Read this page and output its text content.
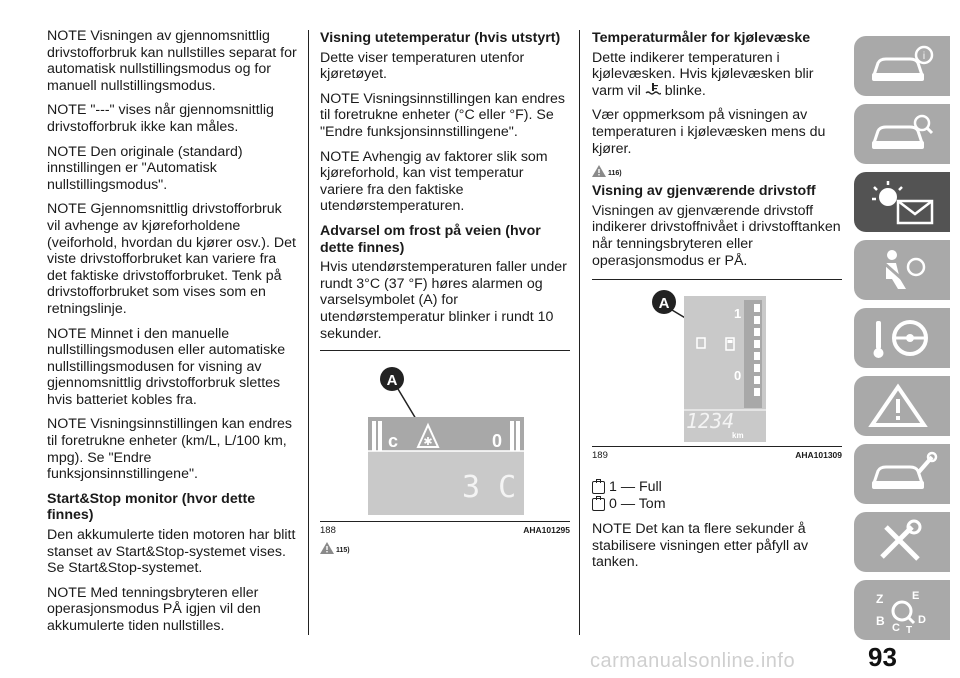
NOTE Visningen av gjennomsnittlig drivstofforbruk kan nullstilles separat for automatisk nullstillingsmodus og for manuell nullstillingsmodus.

NOTE "---" vises når gjennomsnittlig drivstofforbruk ikke kan måles.

NOTE Den originale (standard) innstillingen er "Automatisk nullstillingsmodus".

NOTE Gjennomsnittlig drivstofforbruk vil avhenge av kjøreforholdene (veiforhold, hvordan du kjører osv.). Det viste drivstofforbruket kan variere fra det faktiske drivstofforbruket. Tenk på drivstofforbruket som vises som en retningslinje.

NOTE Minnet i den manuelle nullstillingsmodusen eller automatiske nullstillingsmodusen for visning av gjennomsnittlig drivstofforbruk slettes hvis batteriet kobles fra.

NOTE Visningsinnstillingen kan endres til foretrukne enheter (km/L, L/100 km, mpg). Se "Endre funksjonsinnstillingene".

Start&Stop monitor (hvor dette finnes)

Den akkumulerte tiden motoren har blitt stanset av Start&Stop-systemet vises. Se Start&Stop-systemet.

NOTE Med tenningsbryteren eller operasjonsmodus PÅ igjen vil den akkumulerte tiden nullstilles.

Visning utetemperatur (hvis utstyrt)

Dette viser temperaturen utenfor kjøretøyet.

NOTE Visningsinnstillingen kan endres til foretrukne enheter (°C eller °F). Se "Endre funksjonsinnstillingene".

NOTE Avhengig av faktorer slik som kjøreforhold, kan vist temperatur variere fra den faktiske utendørstemperaturen.

Advarsel om frost på veien (hvor dette finnes)

Hvis utendørstemperaturen faller under rundt 3°C (37 °F) høres alarmen og varselsymbolet (A) for utendørstemperatur blinker i rundt 10 sekunder.

A
c	0
✱
3 C
188	AHA101295
115)
Temperaturmåler for kjølevæske

Dette indikerer temperaturen i kjølevæsken. Hvis kjølevæsken blir varm vil blinke.

Vær oppmerksom på visningen av temperaturen i kjølevæsken mens du kjører.

116)
Visning av gjenværende drivstoff

Visningen av gjenværende drivstoff indikerer drivstoffnivået i drivstofftanken når tenningsbryteren eller operasjonsmodus er PÅ.

A
1
0
1234
km
189	AHA101309
1 — Full
0 — Tom

NOTE Det kan ta flere sekunder å stabilisere visningen etter påfyll av tanken.

i
Z	E
B	D
C T
93
carmanualsonline.info
